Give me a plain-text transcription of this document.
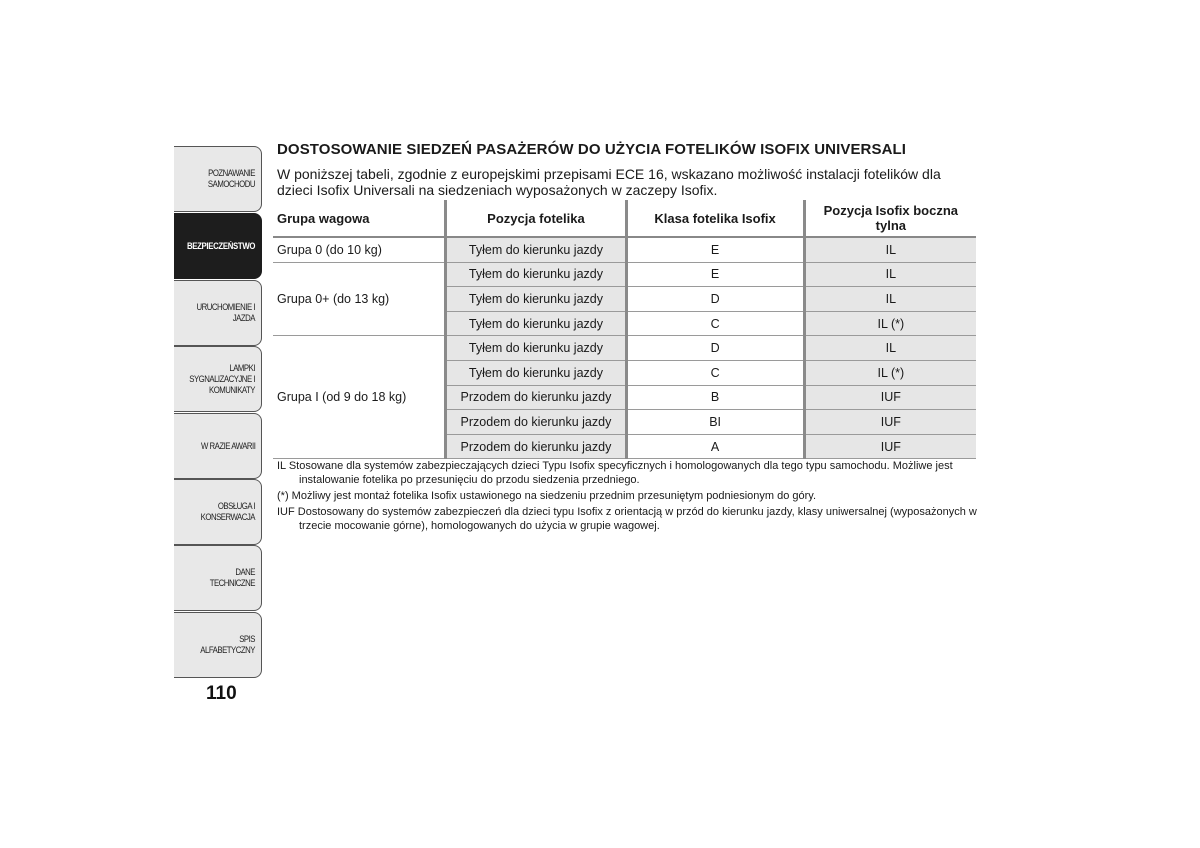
POZNAWANIE SAMOCHODU
BEZPIECZEŃSTWO
URUCHOMIENIE I JAZDA
LAMPKI SYGNALIZACYJNE I KOMUNIKATY
W RAZIE AWARII
OBSŁUGA I KONSERWACJA
DANE TECHNICZNE
SPIS ALFABETYCZNY
110
DOSTOSOWANIE SIEDZEŃ PASAŻERÓW DO UŻYCIA FOTELIKÓW ISOFIX UNIVERSALI
W poniższej tabeli, zgodnie z europejskimi przepisami ECE 16, wskazano możliwość instalacji fotelików dla dzieci Isofix Universali na siedzeniach wyposażonych w zaczepy Isofix.
Grupa wagowa	Pozycja fotelika	Klasa fotelika Isofix	Pozycja Isofix boczna tylna
Grupa 0 (do 10 kg)	Tyłem do kierunku jazdy	E	IL
Grupa 0+ (do 13 kg)	Tyłem do kierunku jazdy	E	IL
	Tyłem do kierunku jazdy	D	IL
	Tyłem do kierunku jazdy	C	IL (*)
Grupa I (od 9 do 18 kg)	Tyłem do kierunku jazdy	D	IL
	Tyłem do kierunku jazdy	C	IL (*)
	Przodem do kierunku jazdy	B	IUF
	Przodem do kierunku jazdy	BI	IUF
	Przodem do kierunku jazdy	A	IUF
IL Stosowane dla systemów zabezpieczających dzieci Typu Isofix specyficznych i homologowanych dla tego typu samochodu. Możliwe jest instalowanie fotelika po przesunięciu do przodu siedzenia przedniego.
(*) Możliwy jest montaż fotelika Isofix ustawionego na siedzeniu przednim przesuniętym podniesionym do góry.
IUF Dostosowany do systemów zabezpieczeń dla dzieci typu Isofix z orientacją w przód do kierunku jazdy, klasy uniwersalnej (wyposażonych w trzecie mocowanie górne), homologowanych do użycia w grupie wagowej.
